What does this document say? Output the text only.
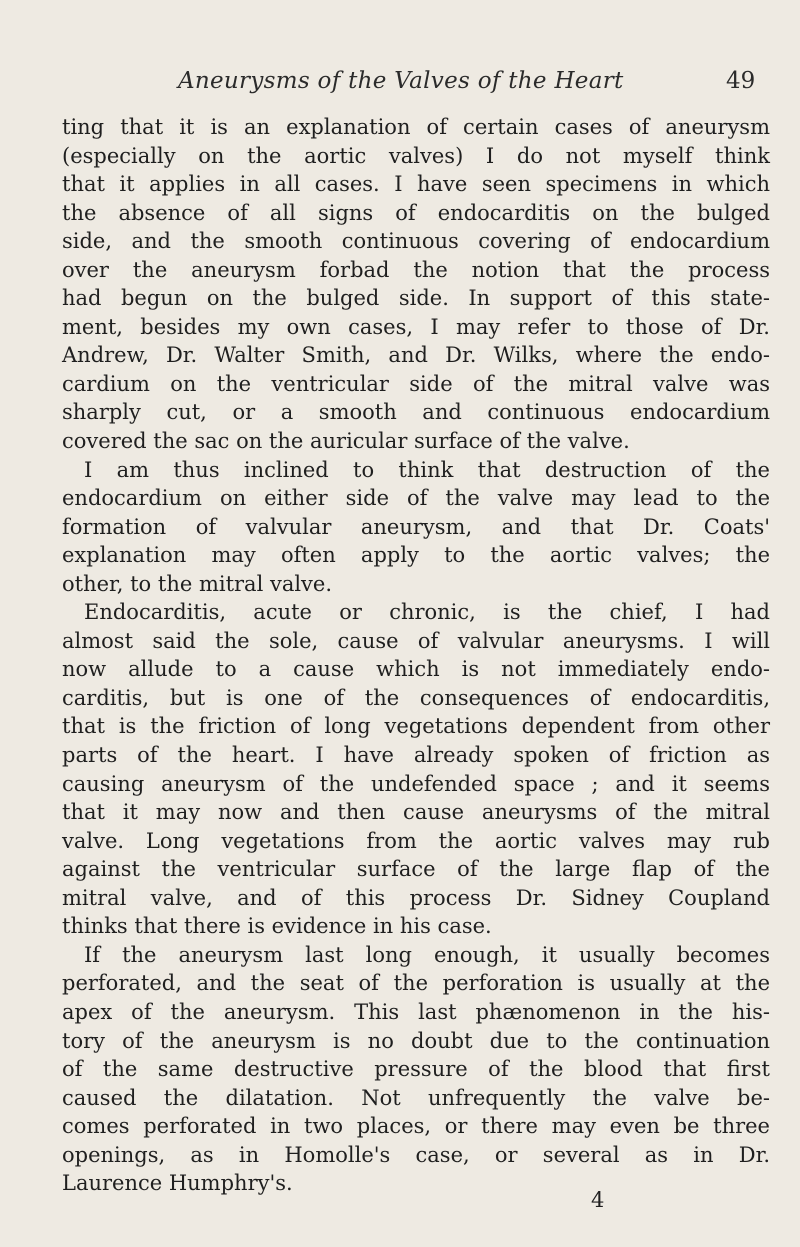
Aneurysms of the Valves of the Heart	49
ting that it is an explanation of certain cases of aneurysm
(especially on the aortic valves) I do not myself think
that it applies in all cases. I have seen specimens in which
the absence of all signs of endocarditis on the bulged
side, and the smooth continuous covering of endocardium
over the aneurysm forbad the notion that the process
had begun on the bulged side. In support of this state-
ment, besides my own cases, I may refer to those of Dr.
Andrew, Dr. Walter Smith, and Dr. Wilks, where the endo-
cardium on the ventricular side of the mitral valve was
sharply cut, or a smooth and continuous endocardium
covered the sac on the auricular surface of the valve.
I am thus inclined to think that destruction of the
endocardium on either side of the valve may lead to the
formation of valvular aneurysm, and that Dr. Coats'
explanation may often apply to the aortic valves; the
other, to the mitral valve.
Endocarditis, acute or chronic, is the chief, I had
almost said the sole, cause of valvular aneurysms. I will
now allude to a cause which is not immediately endo-
carditis, but is one of the consequences of endocarditis,
that is the friction of long vegetations dependent from other
parts of the heart. I have already spoken of friction as
causing aneurysm of the undefended space ; and it seems
that it may now and then cause aneurysms of the mitral
valve. Long vegetations from the aortic valves may rub
against the ventricular surface of the large flap of the
mitral valve, and of this process Dr. Sidney Coupland
thinks that there is evidence in his case.
If the aneurysm last long enough, it usually becomes
perforated, and the seat of the perforation is usually at the
apex of the aneurysm. This last phænomenon in the his-
tory of the aneurysm is no doubt due to the continuation
of the same destructive pressure of the blood that first
caused the dilatation. Not unfrequently the valve be-
comes perforated in two places, or there may even be three
openings, as in Homolle's case, or several as in Dr.
Laurence Humphry's.
4
